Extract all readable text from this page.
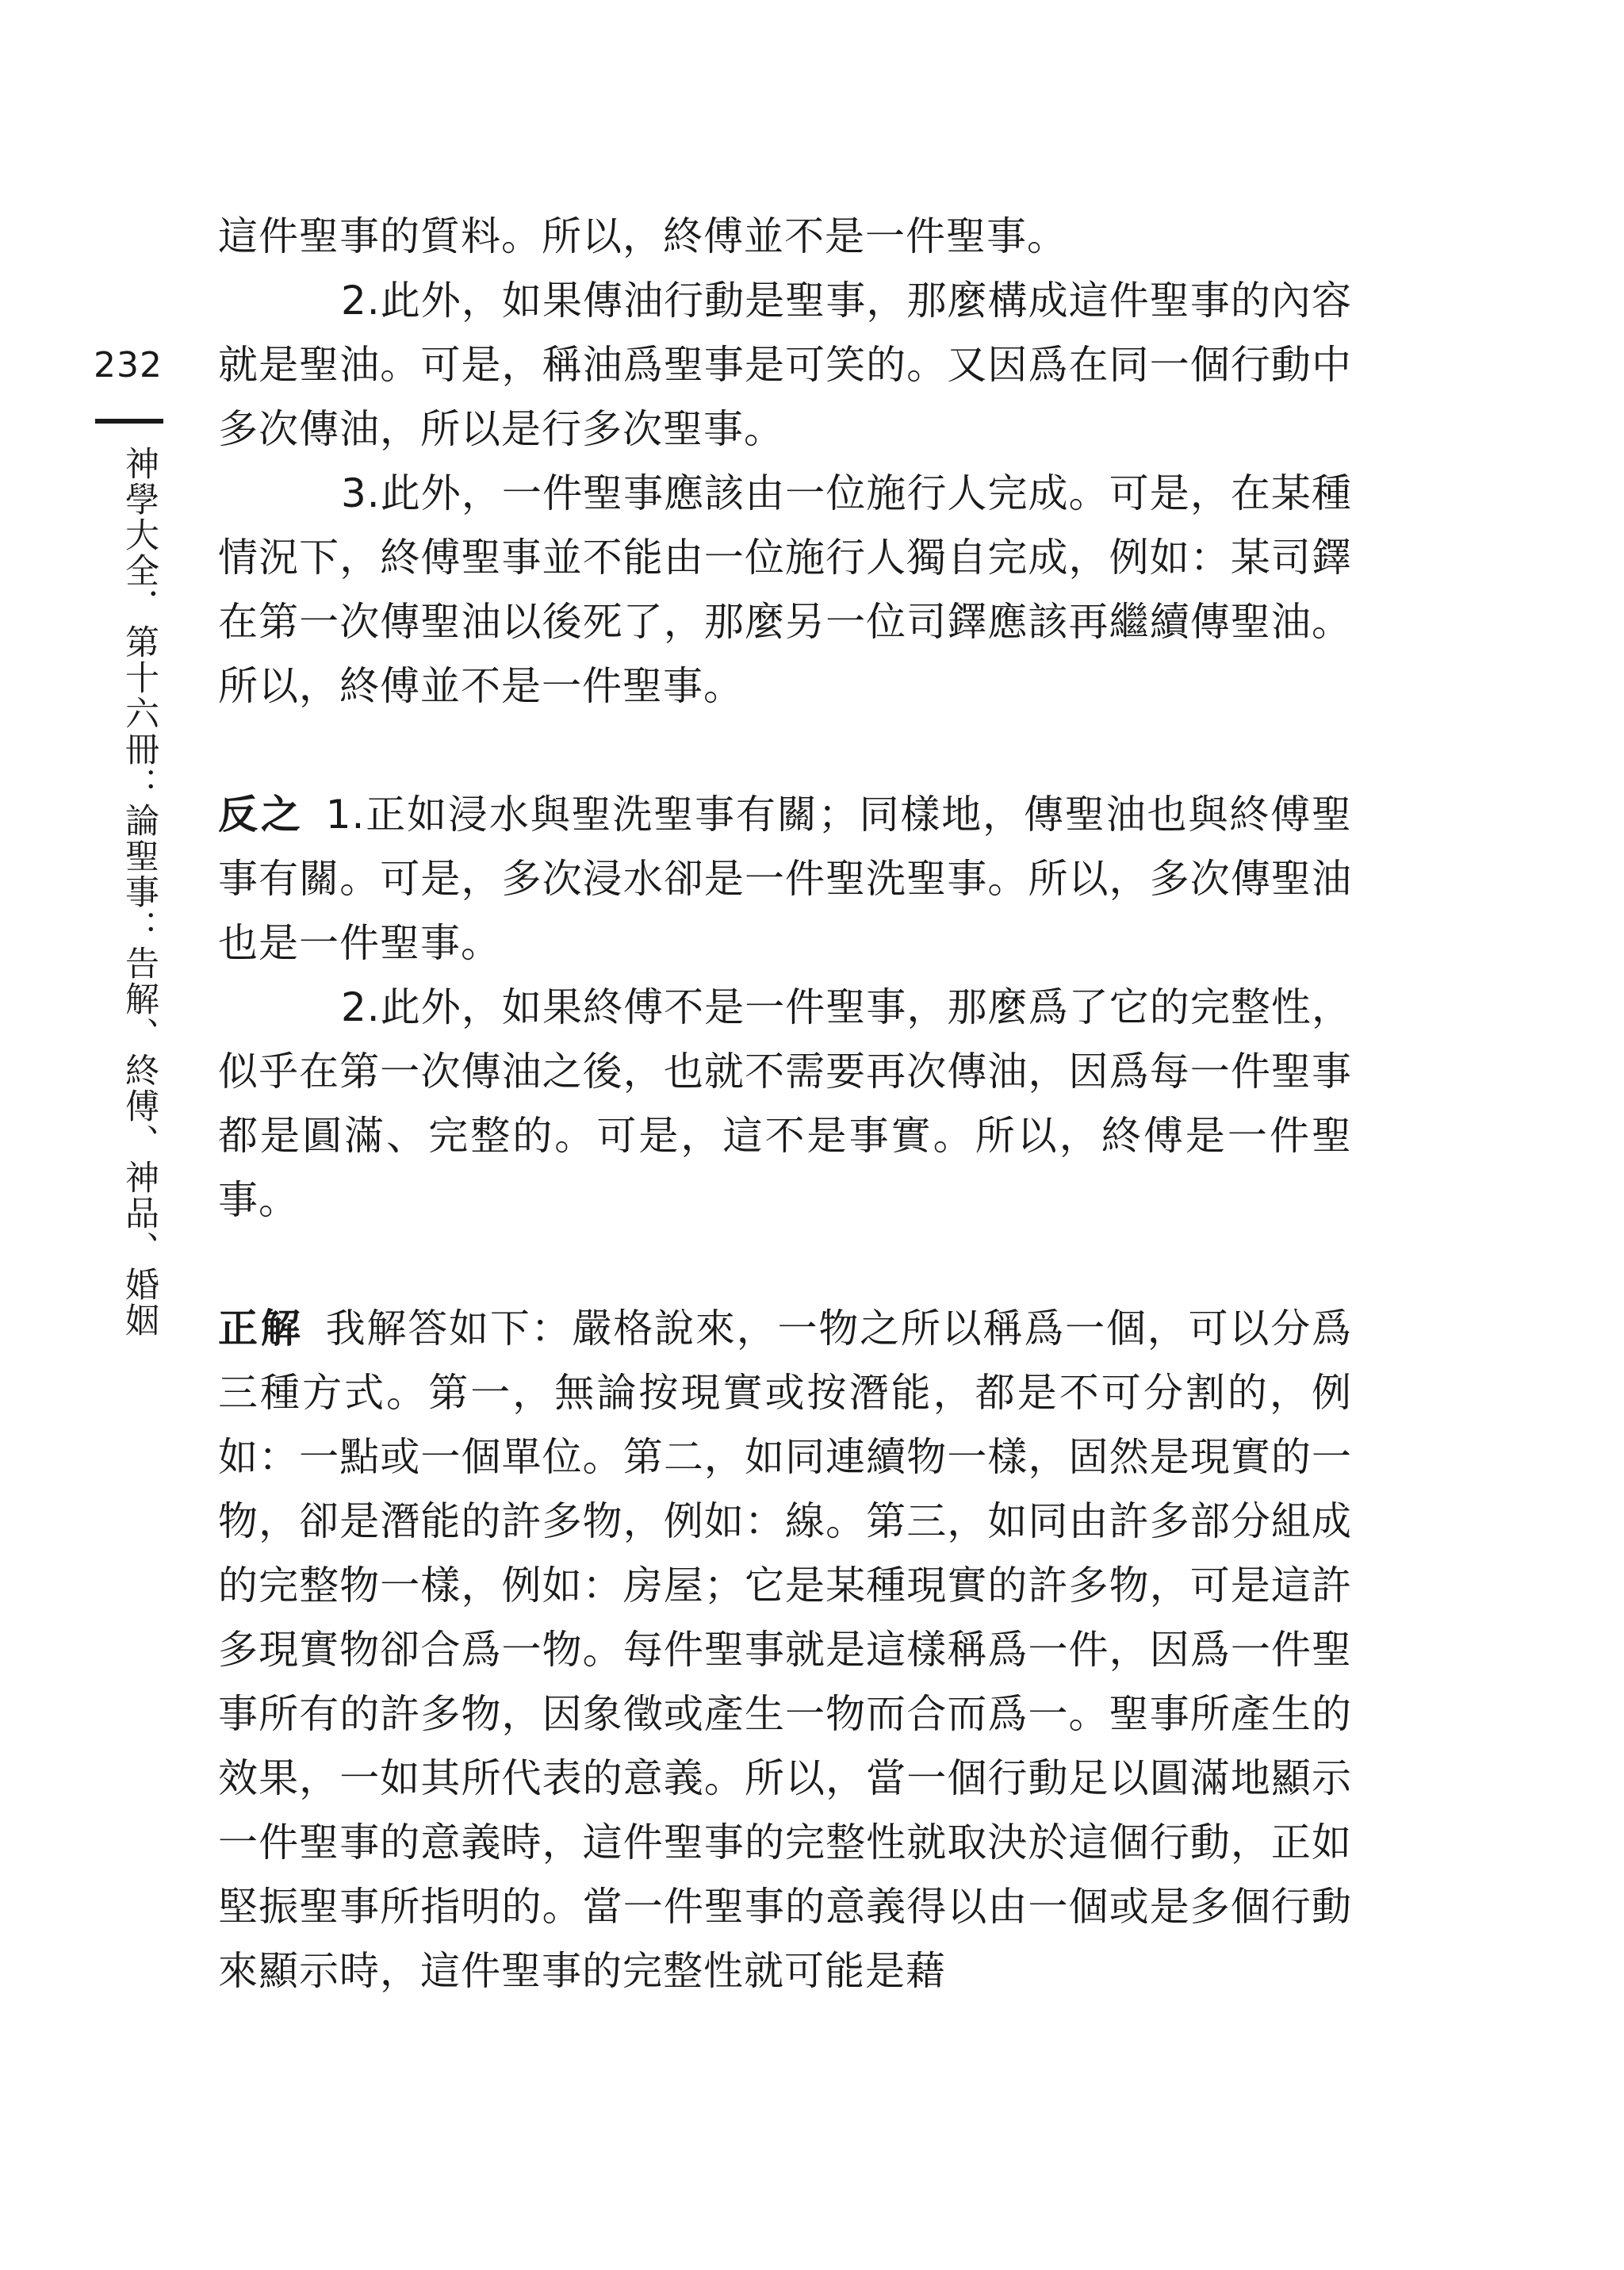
232
神學大全．第十六冊：論聖事：告解、終傅、神品、婚姻

這件聖事的質料。所以，終傅並不是一件聖事。

2.此外，如果傳油行動是聖事，那麼構成這件聖事的內容就是聖油。可是，稱油爲聖事是可笑的。又因爲在同一個行動中多次傳油，所以是行多次聖事。

3.此外，一件聖事應該由一位施行人完成。可是，在某種情況下，終傅聖事並不能由一位施行人獨自完成，例如：某司鐸在第一次傳聖油以後死了，那麼另一位司鐸應該再繼續傳聖油。所以，終傅並不是一件聖事。

反之 1.正如浸水與聖洗聖事有關；同樣地，傳聖油也與終傅聖事有關。可是，多次浸水卻是一件聖洗聖事。所以，多次傳聖油也是一件聖事。

2.此外，如果終傅不是一件聖事，那麼爲了它的完整性，似乎在第一次傳油之後，也就不需要再次傳油，因爲每一件聖事都是圓滿、完整的。可是，這不是事實。所以，終傅是一件聖事。

正解 我解答如下：嚴格說來，一物之所以稱爲一個，可以分爲三種方式。第一，無論按現實或按潛能，都是不可分割的，例如：一點或一個單位。第二，如同連續物一樣，固然是現實的一物，卻是潛能的許多物，例如：線。第三，如同由許多部分組成的完整物一樣，例如：房屋；它是某種現實的許多物，可是這許多現實物卻合爲一物。每件聖事就是這樣稱爲一件，因爲一件聖事所有的許多物，因象徵或產生一物而合而爲一。聖事所產生的效果，一如其所代表的意義。所以，當一個行動足以圓滿地顯示一件聖事的意義時，這件聖事的完整性就取決於這個行動，正如堅振聖事所指明的。當一件聖事的意義得以由一個或是多個行動來顯示時，這件聖事的完整性就可能是藉
